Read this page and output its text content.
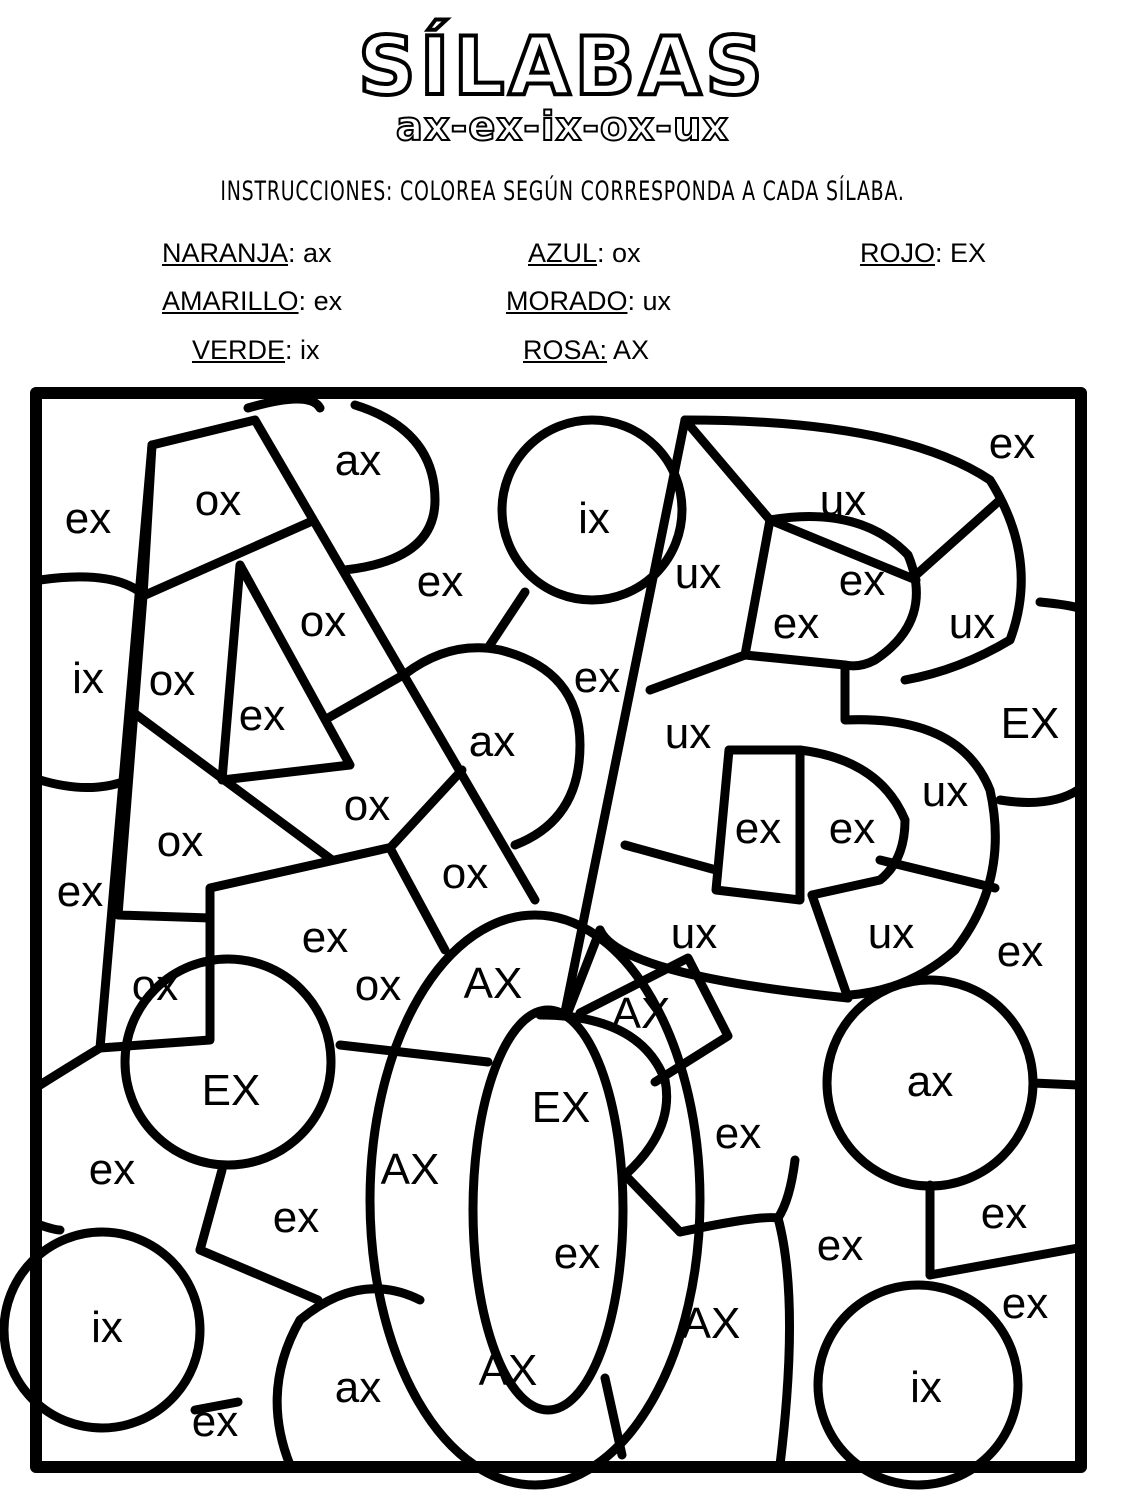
SÍLABAS
ax-ex-ix-ox-ux
INSTRUCCIONES: COLOREA SEGÚN CORRESPONDA A CADA SÍLABA.
NARANJA: ax
AMARILLO: ex
VERDE: ix
AZUL: ox
MORADO: ux
ROSA: AX
ROJO: EX
ex ox
ax
ix	ux
ex
ix ox
ox
ex
ex
ex
ex
ux
ux
ux
ex
ox
ax	EX
ox	ex ex
ux
ox
ex
ox
ex	ex
ux	ux
ex
AX
AX
ox
EX	ax
ex
EX
AX
ex
ex	ex
ex
ex
ix
ex
AX
AX
ax	ix
